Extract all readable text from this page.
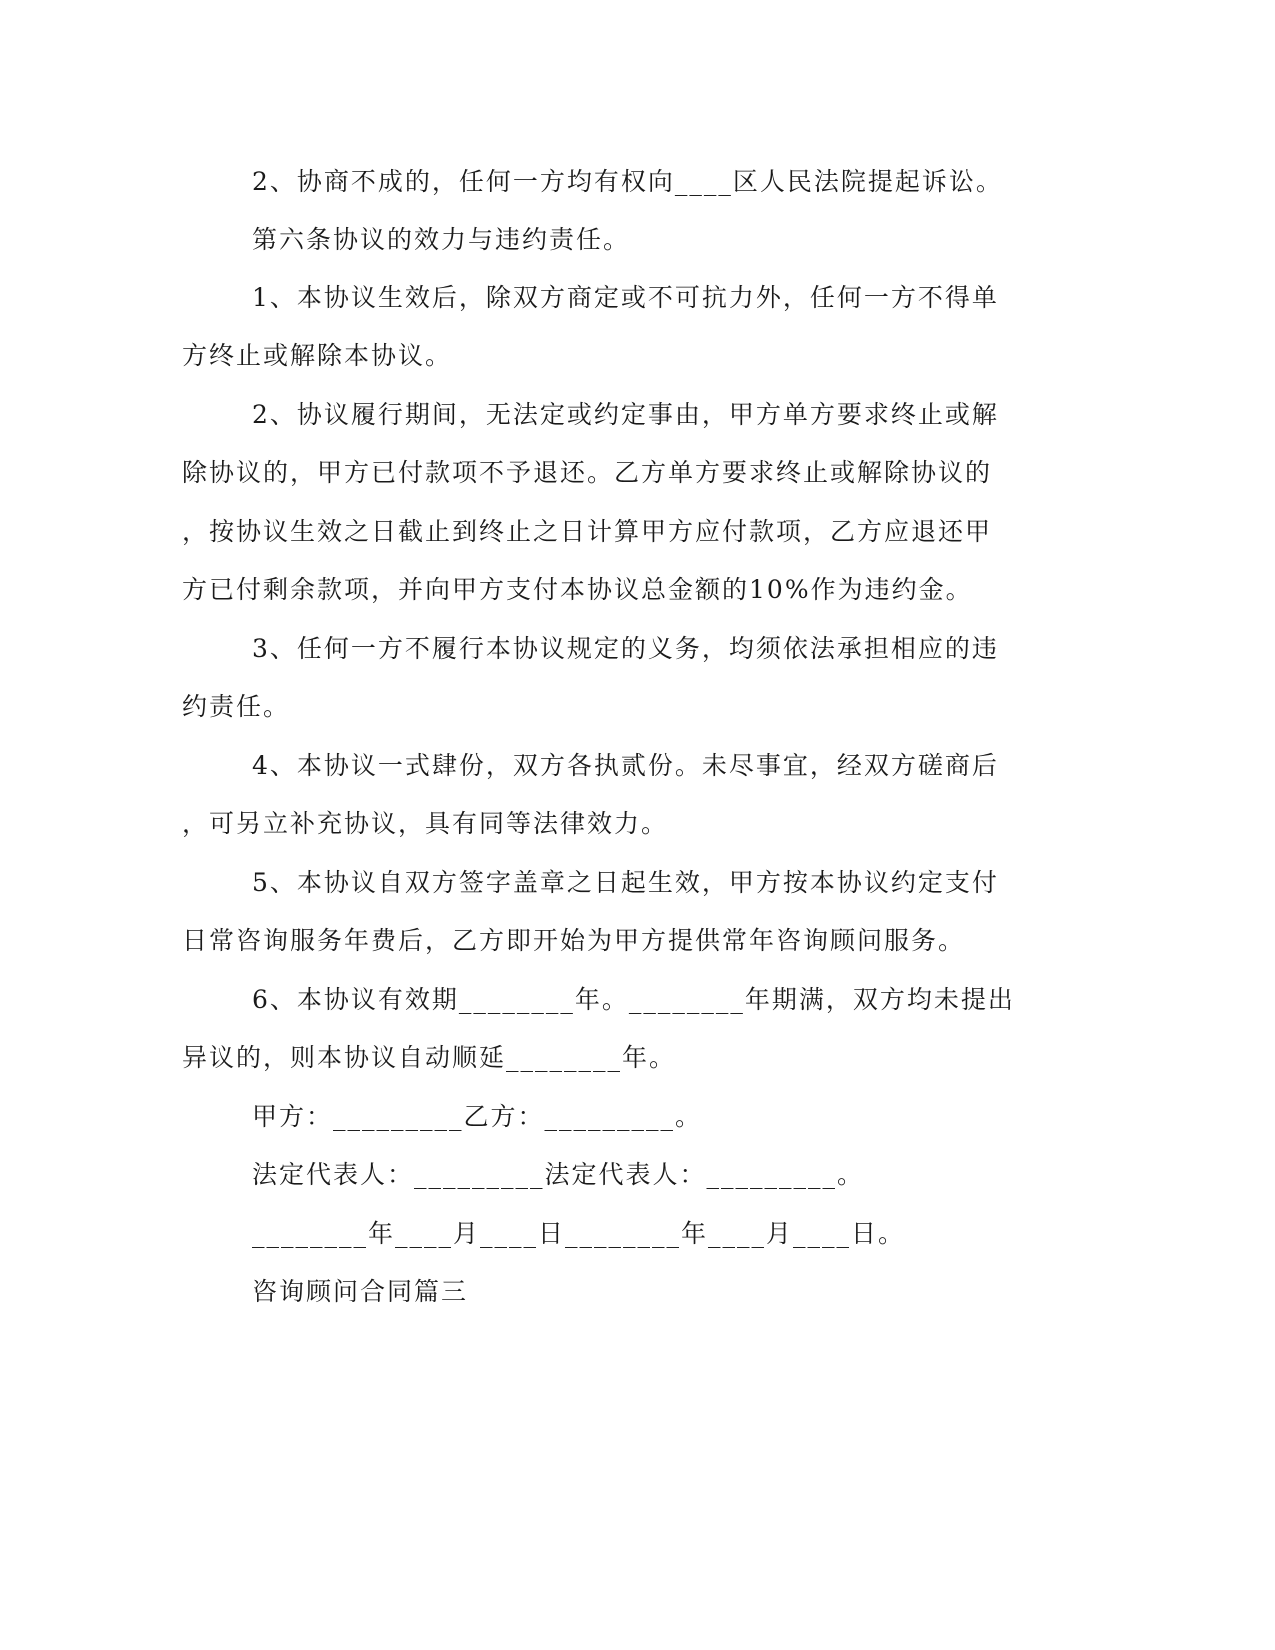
2、协商不成的，任何一方均有权向____区人民法院提起诉讼。
第六条协议的效力与违约责任。
1、本协议生效后，除双方商定或不可抗力外，任何一方不得单
方终止或解除本协议。
2、协议履行期间，无法定或约定事由，甲方单方要求终止或解
除协议的，甲方已付款项不予退还。乙方单方要求终止或解除协议的
，按协议生效之日截止到终止之日计算甲方应付款项，乙方应退还甲
方已付剩余款项，并向甲方支付本协议总金额的10%作为违约金。
3、任何一方不履行本协议规定的义务，均须依法承担相应的违
约责任。
4、本协议一式肆份，双方各执贰份。未尽事宜，经双方磋商后
，可另立补充协议，具有同等法律效力。
5、本协议自双方签字盖章之日起生效，甲方按本协议约定支付
日常咨询服务年费后，乙方即开始为甲方提供常年咨询顾问服务。
6、本协议有效期________年。________年期满，双方均未提出
异议的，则本协议自动顺延________年。
甲方：_________乙方：_________。
法定代表人：_________法定代表人：_________。
________年____月____日________年____月____日。
咨询顾问合同篇三
